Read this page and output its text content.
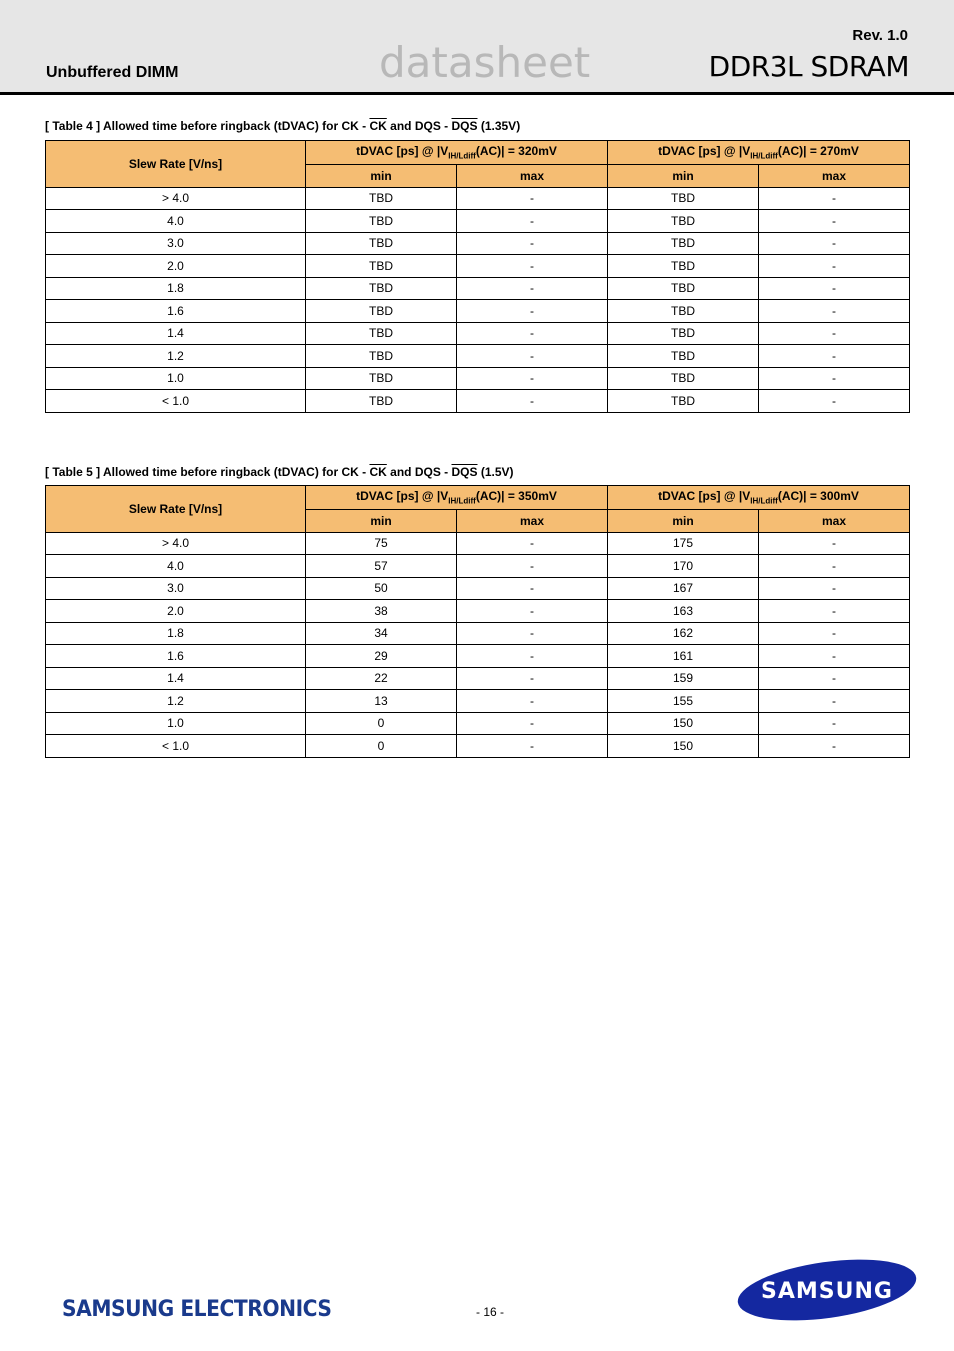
datasheet
Rev. 1.0
DDR3L SDRAM
Unbuffered DIMM
[ Table 4 ] Allowed time before ringback (tDVAC) for CK - $\overline{CK}$ and DQS - $\overline{DQS}$ (1.35V)
Slew Rate [V/ns]	tDVAC [ps] @ $|V_{IH/Ldiff}(AC)| = 320mV$		tDVAC [ps] @ $|V_{IH/Ldiff}(AC)| = 270mV$	
	min	max	min	max
> 4.0	TBD	-	TBD	-
4.0	TBD	-	TBD	-
3.0	TBD	-	TBD	-
2.0	TBD	-	TBD	-
1.8	TBD	-	TBD	-
1.6	TBD	-	TBD	-
1.4	TBD	-	TBD	-
1.2	TBD	-	TBD	-
1.0	TBD	-	TBD	-
< 1.0	TBD	-	TBD	-
[ Table 5 ] Allowed time before ringback (tDVAC) for CK - $\overline{CK}$ and DQS - $\overline{DQS}$ (1.5V)
Slew Rate [V/ns]	tDVAC [ps] @ $|V_{IH/Ldiff}(AC)| = 350mV$		tDVAC [ps] @ $|V_{IH/Ldiff}(AC)| = 300mV$	
	min	max	min	max
> 4.0	75	-	175	-
4.0	57	-	170	-
3.0	50	-	167	-
2.0	38	-	163	-
1.8	34	-	162	-
1.6	29	-	161	-
1.4	22	-	159	-
1.2	13	-	155	-
1.0	0	-	150	-
< 1.0	0	-	150	-
SAMSUNG ELECTRONICS	- 16 -
SAMSUNG
